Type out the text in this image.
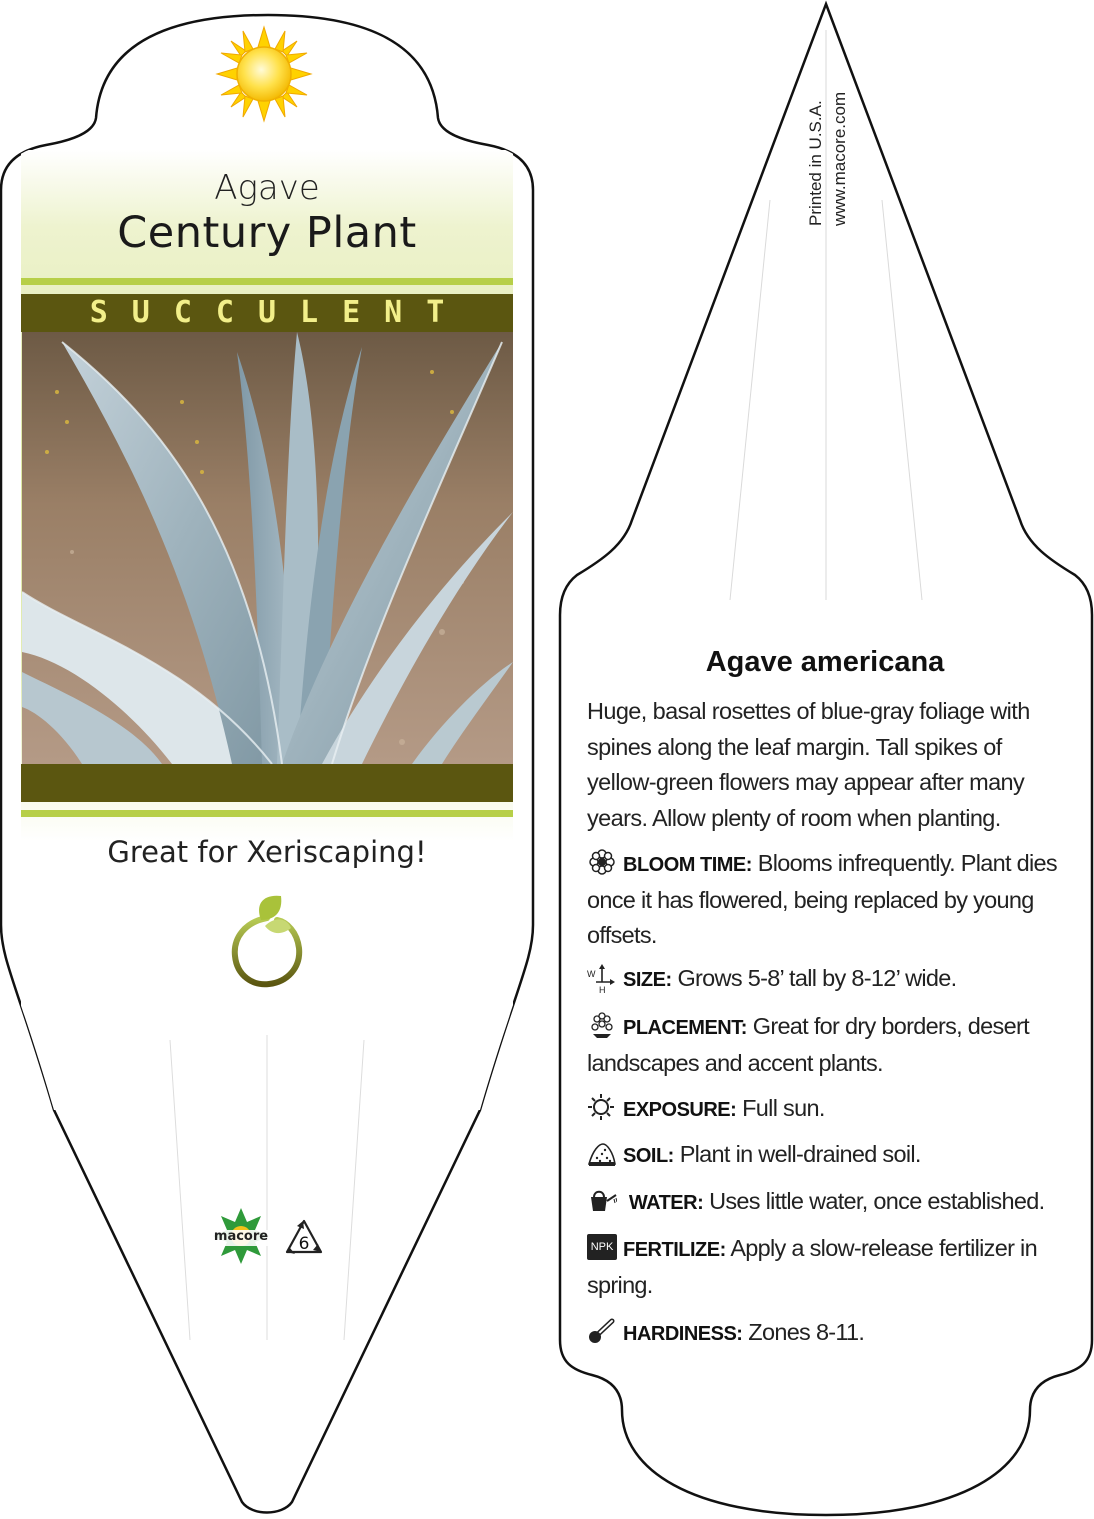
Agave
Century Plant
SUCCULENT
Great for Xeriscaping!
macore	6
Printed in U.S.A. www.macore.com
Agave americana
Huge, basal rosettes of blue-gray foliage with spines along the leaf margin. Tall spikes of yellow-green flowers may appear after many years. Allow plenty of room when planting.
BLOOM TIME: Blooms infrequently. Plant dies once it has flowered, being replaced by young offsets.
W
H SIZE: Grows 5-8’ tall by 8-12’ wide.
PLACEMENT: Great for dry borders, desert landscapes and accent plants.
EXPOSURE: Full sun.
SOIL: Plant in well-drained soil.
WATER: Uses little water, once established.
NPK FERTILIZE: Apply a slow-release fertilizer in spring.
HARDINESS: Zones 8-11.
